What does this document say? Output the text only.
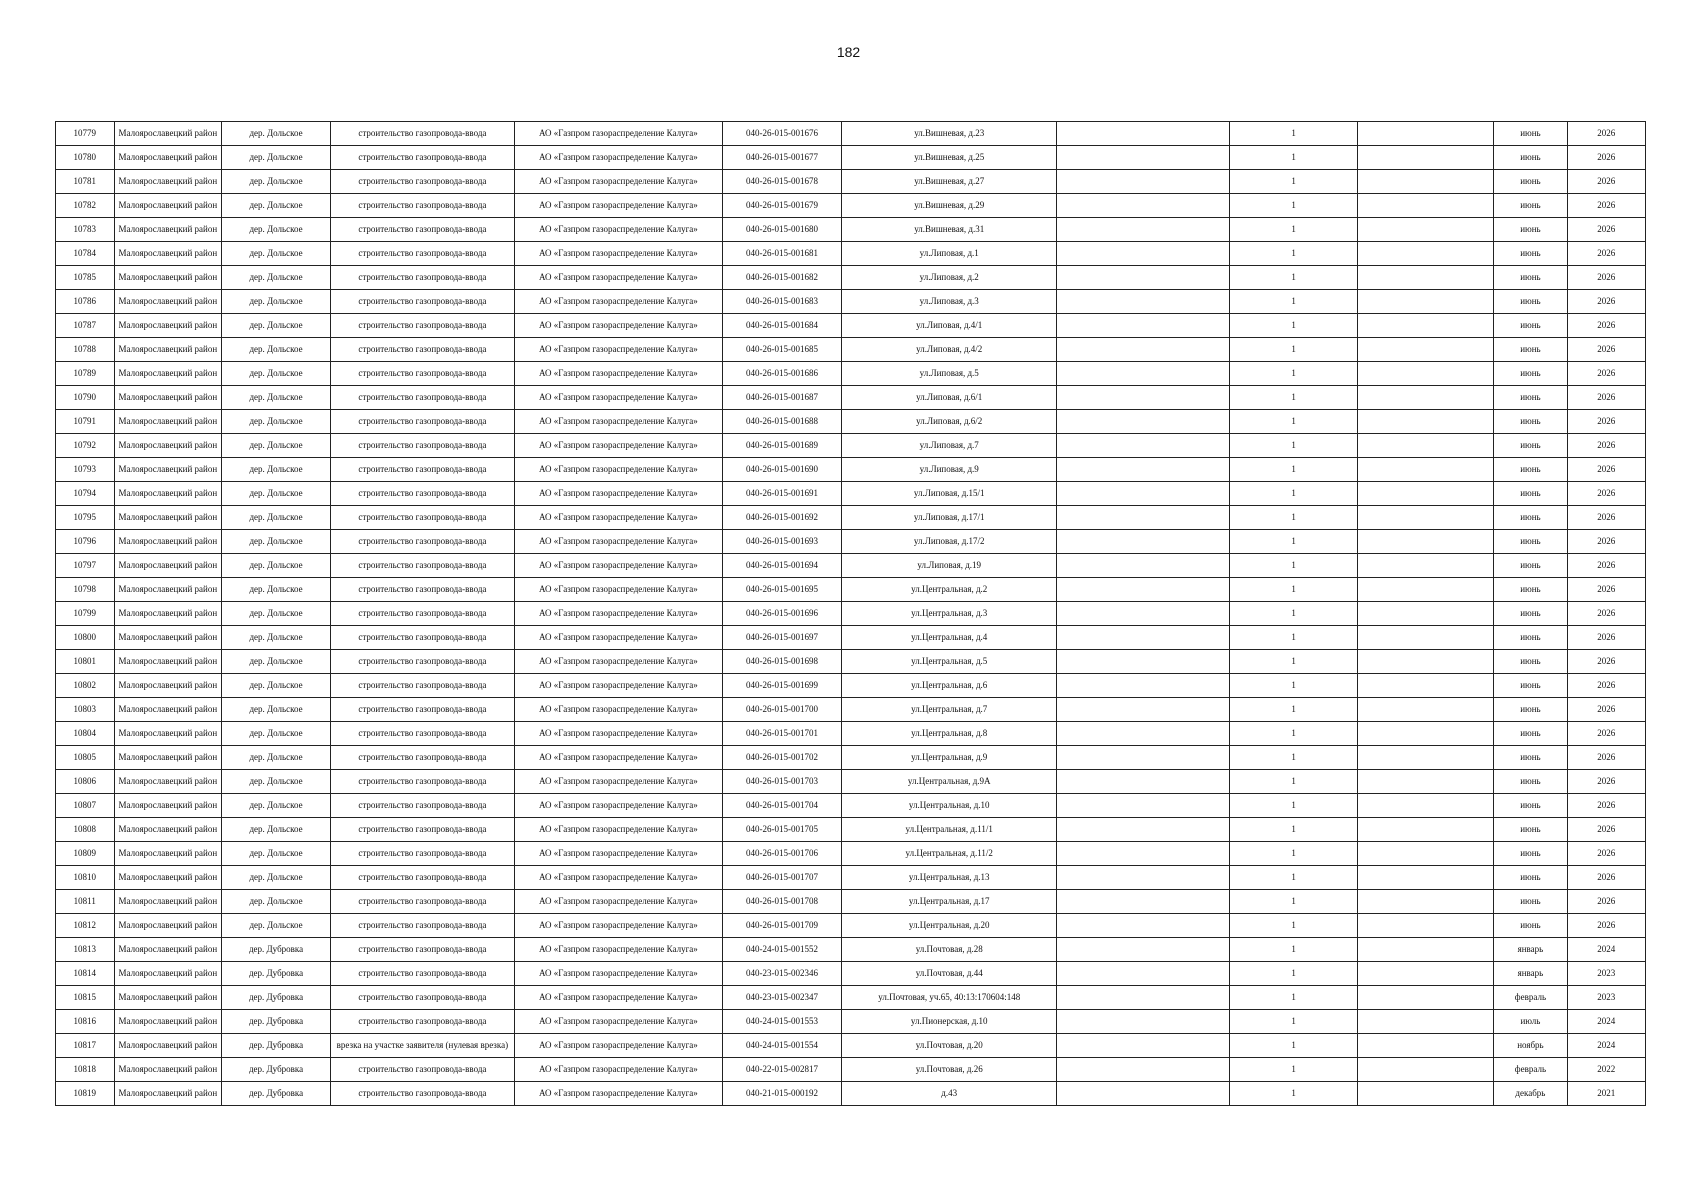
182
10779	Малоярославецкий район	дер. Дольское	строительство газопровода-ввода	АО «Газпром газораспределение Калуга»	040-26-015-001676	ул.Вишневая, д.23		1		июнь	2026
10780	Малоярославецкий район	дер. Дольское	строительство газопровода-ввода	АО «Газпром газораспределение Калуга»	040-26-015-001677	ул.Вишневая, д.25		1		июнь	2026
10781	Малоярославецкий район	дер. Дольское	строительство газопровода-ввода	АО «Газпром газораспределение Калуга»	040-26-015-001678	ул.Вишневая, д.27		1		июнь	2026
10782	Малоярославецкий район	дер. Дольское	строительство газопровода-ввода	АО «Газпром газораспределение Калуга»	040-26-015-001679	ул.Вишневая, д.29		1		июнь	2026
10783	Малоярославецкий район	дер. Дольское	строительство газопровода-ввода	АО «Газпром газораспределение Калуга»	040-26-015-001680	ул.Вишневая, д.31		1		июнь	2026
10784	Малоярославецкий район	дер. Дольское	строительство газопровода-ввода	АО «Газпром газораспределение Калуга»	040-26-015-001681	ул.Липовая, д.1		1		июнь	2026
10785	Малоярославецкий район	дер. Дольское	строительство газопровода-ввода	АО «Газпром газораспределение Калуга»	040-26-015-001682	ул.Липовая, д.2		1		июнь	2026
10786	Малоярославецкий район	дер. Дольское	строительство газопровода-ввода	АО «Газпром газораспределение Калуга»	040-26-015-001683	ул.Липовая, д.3		1		июнь	2026
10787	Малоярославецкий район	дер. Дольское	строительство газопровода-ввода	АО «Газпром газораспределение Калуга»	040-26-015-001684	ул.Липовая, д.4/1		1		июнь	2026
10788	Малоярославецкий район	дер. Дольское	строительство газопровода-ввода	АО «Газпром газораспределение Калуга»	040-26-015-001685	ул.Липовая, д.4/2		1		июнь	2026
10789	Малоярославецкий район	дер. Дольское	строительство газопровода-ввода	АО «Газпром газораспределение Калуга»	040-26-015-001686	ул.Липовая, д.5		1		июнь	2026
10790	Малоярославецкий район	дер. Дольское	строительство газопровода-ввода	АО «Газпром газораспределение Калуга»	040-26-015-001687	ул.Липовая, д.6/1		1		июнь	2026
10791	Малоярославецкий район	дер. Дольское	строительство газопровода-ввода	АО «Газпром газораспределение Калуга»	040-26-015-001688	ул.Липовая, д.6/2		1		июнь	2026
10792	Малоярославецкий район	дер. Дольское	строительство газопровода-ввода	АО «Газпром газораспределение Калуга»	040-26-015-001689	ул.Липовая, д.7		1		июнь	2026
10793	Малоярославецкий район	дер. Дольское	строительство газопровода-ввода	АО «Газпром газораспределение Калуга»	040-26-015-001690	ул.Липовая, д.9		1		июнь	2026
10794	Малоярославецкий район	дер. Дольское	строительство газопровода-ввода	АО «Газпром газораспределение Калуга»	040-26-015-001691	ул.Липовая, д.15/1		1		июнь	2026
10795	Малоярославецкий район	дер. Дольское	строительство газопровода-ввода	АО «Газпром газораспределение Калуга»	040-26-015-001692	ул.Липовая, д.17/1		1		июнь	2026
10796	Малоярославецкий район	дер. Дольское	строительство газопровода-ввода	АО «Газпром газораспределение Калуга»	040-26-015-001693	ул.Липовая, д.17/2		1		июнь	2026
10797	Малоярославецкий район	дер. Дольское	строительство газопровода-ввода	АО «Газпром газораспределение Калуга»	040-26-015-001694	ул.Липовая, д.19		1		июнь	2026
10798	Малоярославецкий район	дер. Дольское	строительство газопровода-ввода	АО «Газпром газораспределение Калуга»	040-26-015-001695	ул.Центральная, д.2		1		июнь	2026
10799	Малоярославецкий район	дер. Дольское	строительство газопровода-ввода	АО «Газпром газораспределение Калуга»	040-26-015-001696	ул.Центральная, д.3		1		июнь	2026
10800	Малоярославецкий район	дер. Дольское	строительство газопровода-ввода	АО «Газпром газораспределение Калуга»	040-26-015-001697	ул.Центральная, д.4		1		июнь	2026
10801	Малоярославецкий район	дер. Дольское	строительство газопровода-ввода	АО «Газпром газораспределение Калуга»	040-26-015-001698	ул.Центральная, д.5		1		июнь	2026
10802	Малоярославецкий район	дер. Дольское	строительство газопровода-ввода	АО «Газпром газораспределение Калуга»	040-26-015-001699	ул.Центральная, д.6		1		июнь	2026
10803	Малоярославецкий район	дер. Дольское	строительство газопровода-ввода	АО «Газпром газораспределение Калуга»	040-26-015-001700	ул.Центральная, д.7		1		июнь	2026
10804	Малоярославецкий район	дер. Дольское	строительство газопровода-ввода	АО «Газпром газораспределение Калуга»	040-26-015-001701	ул.Центральная, д.8		1		июнь	2026
10805	Малоярославецкий район	дер. Дольское	строительство газопровода-ввода	АО «Газпром газораспределение Калуга»	040-26-015-001702	ул.Центральная, д.9		1		июнь	2026
10806	Малоярославецкий район	дер. Дольское	строительство газопровода-ввода	АО «Газпром газораспределение Калуга»	040-26-015-001703	ул.Центральная, д.9А		1		июнь	2026
10807	Малоярославецкий район	дер. Дольское	строительство газопровода-ввода	АО «Газпром газораспределение Калуга»	040-26-015-001704	ул.Центральная, д.10		1		июнь	2026
10808	Малоярославецкий район	дер. Дольское	строительство газопровода-ввода	АО «Газпром газораспределение Калуга»	040-26-015-001705	ул.Центральная, д.11/1		1		июнь	2026
10809	Малоярославецкий район	дер. Дольское	строительство газопровода-ввода	АО «Газпром газораспределение Калуга»	040-26-015-001706	ул.Центральная, д.11/2		1		июнь	2026
10810	Малоярославецкий район	дер. Дольское	строительство газопровода-ввода	АО «Газпром газораспределение Калуга»	040-26-015-001707	ул.Центральная, д.13		1		июнь	2026
10811	Малоярославецкий район	дер. Дольское	строительство газопровода-ввода	АО «Газпром газораспределение Калуга»	040-26-015-001708	ул.Центральная, д.17		1		июнь	2026
10812	Малоярославецкий район	дер. Дольское	строительство газопровода-ввода	АО «Газпром газораспределение Калуга»	040-26-015-001709	ул.Центральная, д.20		1		июнь	2026
10813	Малоярославецкий район	дер. Дубровка	строительство газопровода-ввода	АО «Газпром газораспределение Калуга»	040-24-015-001552	ул.Почтовая, д.28		1		январь	2024
10814	Малоярославецкий район	дер. Дубровка	строительство газопровода-ввода	АО «Газпром газораспределение Калуга»	040-23-015-002346	ул.Почтовая, д.44		1		январь	2023
10815	Малоярославецкий район	дер. Дубровка	строительство газопровода-ввода	АО «Газпром газораспределение Калуга»	040-23-015-002347	ул.Почтовая, уч.65, 40:13:170604:148		1		февраль	2023
10816	Малоярославецкий район	дер. Дубровка	строительство газопровода-ввода	АО «Газпром газораспределение Калуга»	040-24-015-001553	ул.Пионерская, д.10		1		июль	2024
10817	Малоярославецкий район	дер. Дубровка	врезка на участке заявителя (нулевая врезка)	АО «Газпром газораспределение Калуга»	040-24-015-001554	ул.Почтовая, д.20		1		ноябрь	2024
10818	Малоярославецкий район	дер. Дубровка	строительство газопровода-ввода	АО «Газпром газораспределение Калуга»	040-22-015-002817	ул.Почтовая, д.26		1		февраль	2022
10819	Малоярославецкий район	дер. Дубровка	строительство газопровода-ввода	АО «Газпром газораспределение Калуга»	040-21-015-000192	д.43		1		декабрь	2021
